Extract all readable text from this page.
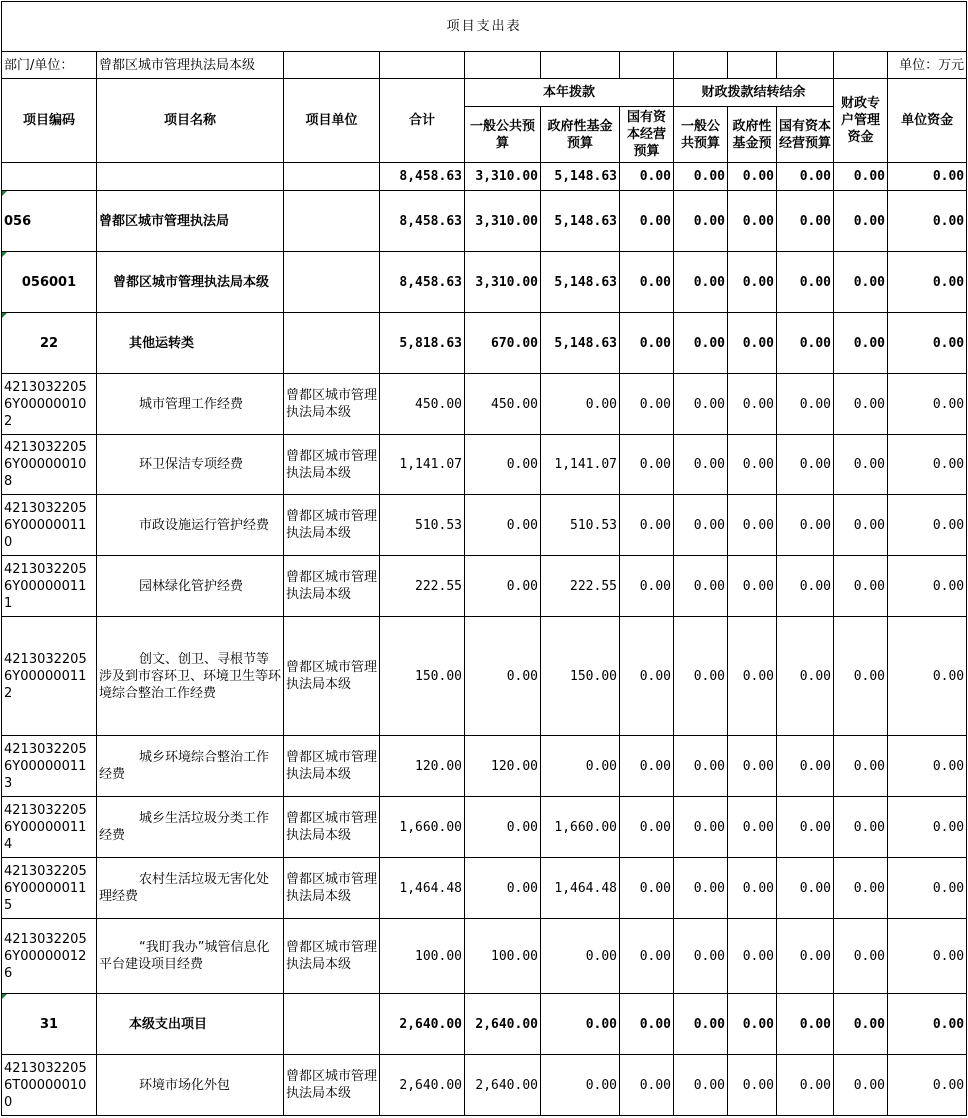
项目支出表											
部门/单位：	曾都区城市管理执法局本级										单位：万元
项目编码	项目名称	项目单位	合计	本年拨款			财政拨款结转结余			财政专户管理资金	单位资金
				一般公共预算	政府性基金预算	国有资本经营预算	一般公共预算	政府性基金预	国有资本经营预算		
			8,458.63	3,310.00	5,148.63	0.00	0.00	0.00	0.00	0.00	0.00
056	曾都区城市管理执法局		8,458.63	3,310.00	5,148.63	0.00	0.00	0.00	0.00	0.00	0.00
056001	曾都区城市管理执法局本级		8,458.63	3,310.00	5,148.63	0.00	0.00	0.00	0.00	0.00	0.00
22	其他运转类		5,818.63	670.00	5,148.63	0.00	0.00	0.00	0.00	0.00	0.00
42130322056Y000000102	城市管理工作经费	曾都区城市管理执法局本级	450.00	450.00	0.00	0.00	0.00	0.00	0.00	0.00	0.00
42130322056Y000000108	环卫保洁专项经费	曾都区城市管理执法局本级	1,141.07	0.00	1,141.07	0.00	0.00	0.00	0.00	0.00	0.00
42130322056Y000000110	市政设施运行管护经费	曾都区城市管理执法局本级	510.53	0.00	510.53	0.00	0.00	0.00	0.00	0.00	0.00
42130322056Y000000111	园林绿化管护经费	曾都区城市管理执法局本级	222.55	0.00	222.55	0.00	0.00	0.00	0.00	0.00	0.00
42130322056Y000000112	创文、创卫、寻根节等涉及到市容环卫、环境卫生等环境综合整治工作经费	曾都区城市管理执法局本级	150.00	0.00	150.00	0.00	0.00	0.00	0.00	0.00	0.00
42130322056Y000000113	城乡环境综合整治工作经费	曾都区城市管理执法局本级	120.00	120.00	0.00	0.00	0.00	0.00	0.00	0.00	0.00
42130322056Y000000114	城乡生活垃圾分类工作经费	曾都区城市管理执法局本级	1,660.00	0.00	1,660.00	0.00	0.00	0.00	0.00	0.00	0.00
42130322056Y000000115	农村生活垃圾无害化处理经费	曾都区城市管理执法局本级	1,464.48	0.00	1,464.48	0.00	0.00	0.00	0.00	0.00	0.00
42130322056Y000000126	“我盯我办”城管信息化平台建设项目经费	曾都区城市管理执法局本级	100.00	100.00	0.00	0.00	0.00	0.00	0.00	0.00	0.00
31	本级支出项目		2,640.00	2,640.00	0.00	0.00	0.00	0.00	0.00	0.00	0.00
42130322056T000000100	环境市场化外包	曾都区城市管理执法局本级	2,640.00	2,640.00	0.00	0.00	0.00	0.00	0.00	0.00	0.00
